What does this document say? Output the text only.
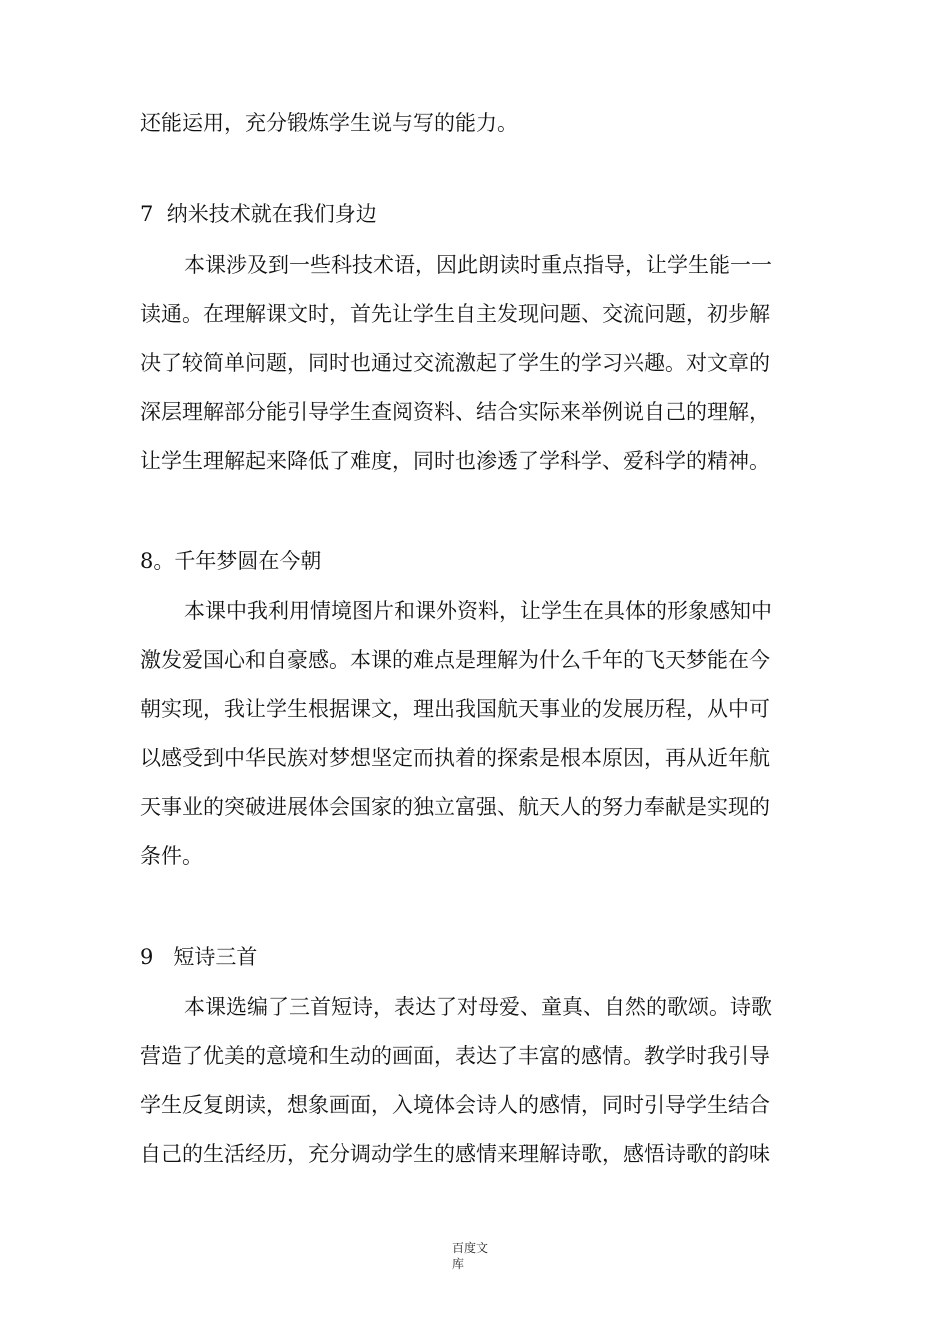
还能运用，充分锻炼学生说与写的能力。
7  纳米技术就在我们身边
本课涉及到一些科技术语，因此朗读时重点指导，让学生能一一
读通。在理解课文时，首先让学生自主发现问题、交流问题，初步解
决了较简单问题，同时也通过交流激起了学生的学习兴趣。对文章的
深层理解部分能引导学生查阅资料、结合实际来举例说自己的理解，
让学生理解起来降低了难度，同时也渗透了学科学、爱科学的精神。
8。千年梦圆在今朝
本课中我利用情境图片和课外资料，让学生在具体的形象感知中
激发爱国心和自豪感。本课的难点是理解为什么千年的飞天梦能在今
朝实现，我让学生根据课文，理出我国航天事业的发展历程，从中可
以感受到中华民族对梦想坚定而执着的探索是根本原因，再从近年航
天事业的突破进展体会国家的独立富强、航天人的努力奉献是实现的
条件。
9   短诗三首
本课选编了三首短诗，表达了对母爱、童真、自然的歌颂。诗歌
营造了优美的意境和生动的画面，表达了丰富的感情。教学时我引导
学生反复朗读，想象画面，入境体会诗人的感情，同时引导学生结合
自己的生活经历，充分调动学生的感情来理解诗歌，感悟诗歌的韵味
百度文
库
